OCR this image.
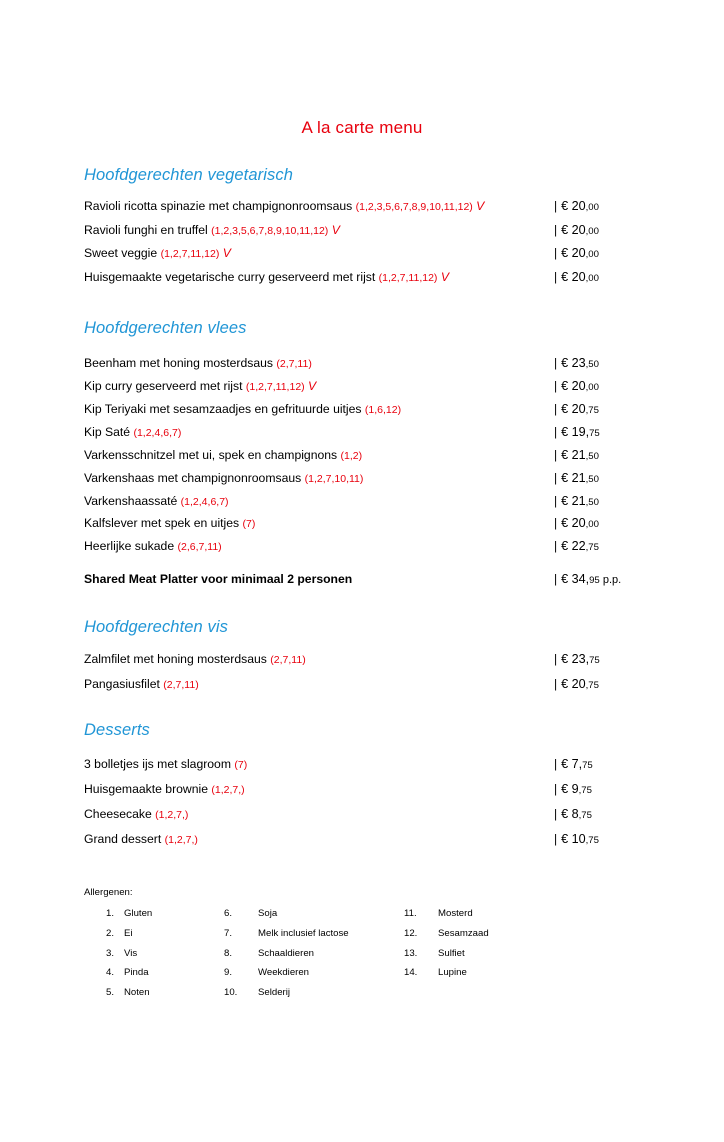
A la carte menu
Hoofdgerechten vegetarisch
Ravioli ricotta spinazie met champignonroomsaus (1,2,3,5,6,7,8,9,10,11,12) V	| € 20,00
Ravioli funghi en truffel (1,2,3,5,6,7,8,9,10,11,12) V	| € 20,00
Sweet veggie (1,2,7,11,12) V	| € 20,00
Huisgemaakte vegetarische curry geserveerd met rijst (1,2,7,11,12) V	| € 20,00
Hoofdgerechten vlees
Beenham met honing mosterdsaus (2,7,11)	| € 23,50
Kip curry geserveerd met rijst (1,2,7,11,12) V	| € 20,00
Kip Teriyaki met sesamzaadjes en gefrituurde uitjes (1,6,12)	| € 20,75
Kip Saté (1,2,4,6,7)	| € 19,75
Varkensschnitzel met ui, spek en champignons (1,2)	| € 21,50
Varkenshaas met champignonroomsaus (1,2,7,10,11)	| € 21,50
Varkenshaassaté (1,2,4,6,7)	| € 21,50
Kalfslever met spek en uitjes (7)	| € 20,00
Heerlijke sukade (2,6,7,11)	| € 22,75
Shared Meat Platter voor minimaal 2 personen	| € 34,95 p.p.
Hoofdgerechten vis
Zalmfilet met honing mosterdsaus (2,7,11)	| € 23,75
Pangasiusfilet (2,7,11)	| € 20,75
Desserts
3 bolletjes ijs met slagroom (7)	| € 7,75
Huisgemaakte brownie (1,2,7,)	| € 9,75
Cheesecake (1,2,7,)	| € 8,75
Grand dessert (1,2,7,)	| € 10,75
Allergenen:
1.	Gluten
2.	Ei
3.	Vis
4.	Pinda
5.	Noten
6.	Soja
7.	Melk inclusief lactose
8.	Schaaldieren
9.	Weekdieren
10.	Selderij
11.	Mosterd
12.	Sesamzaad
13.	Sulfiet
14.	Lupine
